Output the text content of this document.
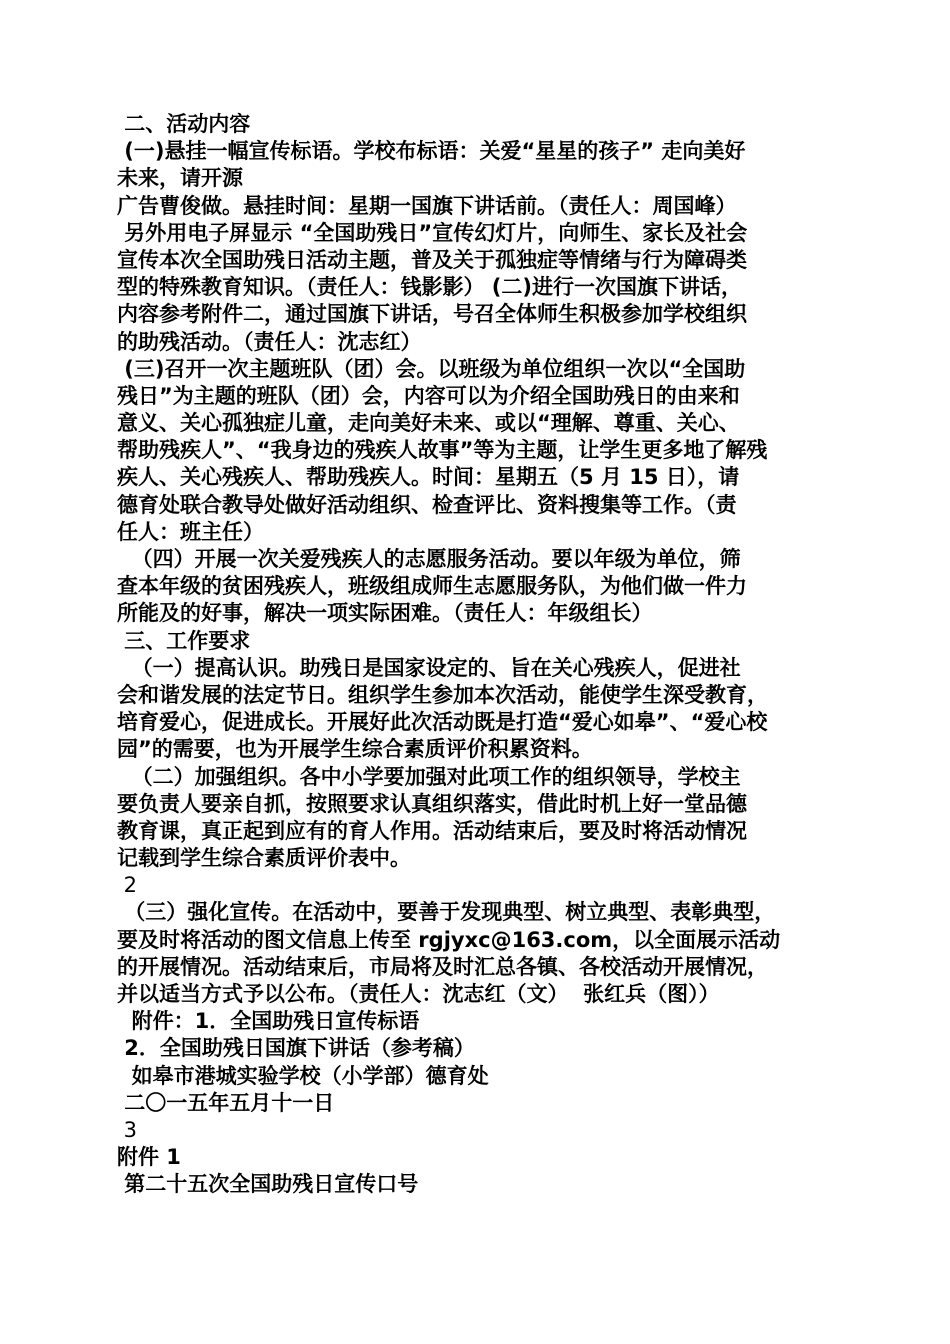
二、活动内容
(一)悬挂一幅宣传标语。学校布标语：关爱“星星的孩子” 走向美好
未来，请开源
广告曹俊做。悬挂时间：星期一国旗下讲话前。（责任人：周国峰）
另外用电子屏显示 “全国助残日”宣传幻灯片，向师生、家长及社会
宣传本次全国助残日活动主题，普及关于孤独症等情绪与行为障碍类
型的特殊教育知识。（责任人：钱影影） (二)进行一次国旗下讲话，
内容参考附件二，通过国旗下讲话，号召全体师生积极参加学校组织
的助残活动。（责任人：沈志红）
(三)召开一次主题班队（团）会。以班级为单位组织一次以“全国助
残日”为主题的班队（团）会，内容可以为介绍全国助残日的由来和
意义、关心孤独症儿童，走向美好未来、或以“理解、尊重、关心、
帮助残疾人”、“我身边的残疾人故事”等为主题，让学生更多地了解残
疾人、关心残疾人、帮助残疾人。时间：星期五（5 月 15 日），请
德育处联合教导处做好活动组织、检查评比、资料搜集等工作。（责
任人：班主任）
（四）开展一次关爱残疾人的志愿服务活动。要以年级为单位，筛
查本年级的贫困残疾人，班级组成师生志愿服务队，为他们做一件力
所能及的好事，解决一项实际困难。（责任人：年级组长）
三、工作要求
（一）提高认识。助残日是国家设定的、旨在关心残疾人，促进社
会和谐发展的法定节日。组织学生参加本次活动，能使学生深受教育，
培育爱心，促进成长。开展好此次活动既是打造“爱心如皋”、“爱心校
园”的需要，也为开展学生综合素质评价积累资料。
（二）加强组织。各中小学要加强对此项工作的组织领导，学校主
要负责人要亲自抓，按照要求认真组织落实，借此时机上好一堂品德
教育课，真正起到应有的育人作用。活动结束后，要及时将活动情况
记载到学生综合素质评价表中。
2
（三）强化宣传。在活动中，要善于发现典型、树立典型、表彰典型，
要及时将活动的图文信息上传至 rgjyxc@163.com，以全面展示活动
的开展情况。活动结束后，市局将及时汇总各镇、各校活动开展情况，
并以适当方式予以公布。（责任人：沈志红（文）  张红兵（图））
附件：1．全国助残日宣传标语
2．全国助残日国旗下讲话（参考稿）
如皋市港城实验学校（小学部）德育处
二〇一五年五月十一日
3
附件 1
第二十五次全国助残日宣传口号
